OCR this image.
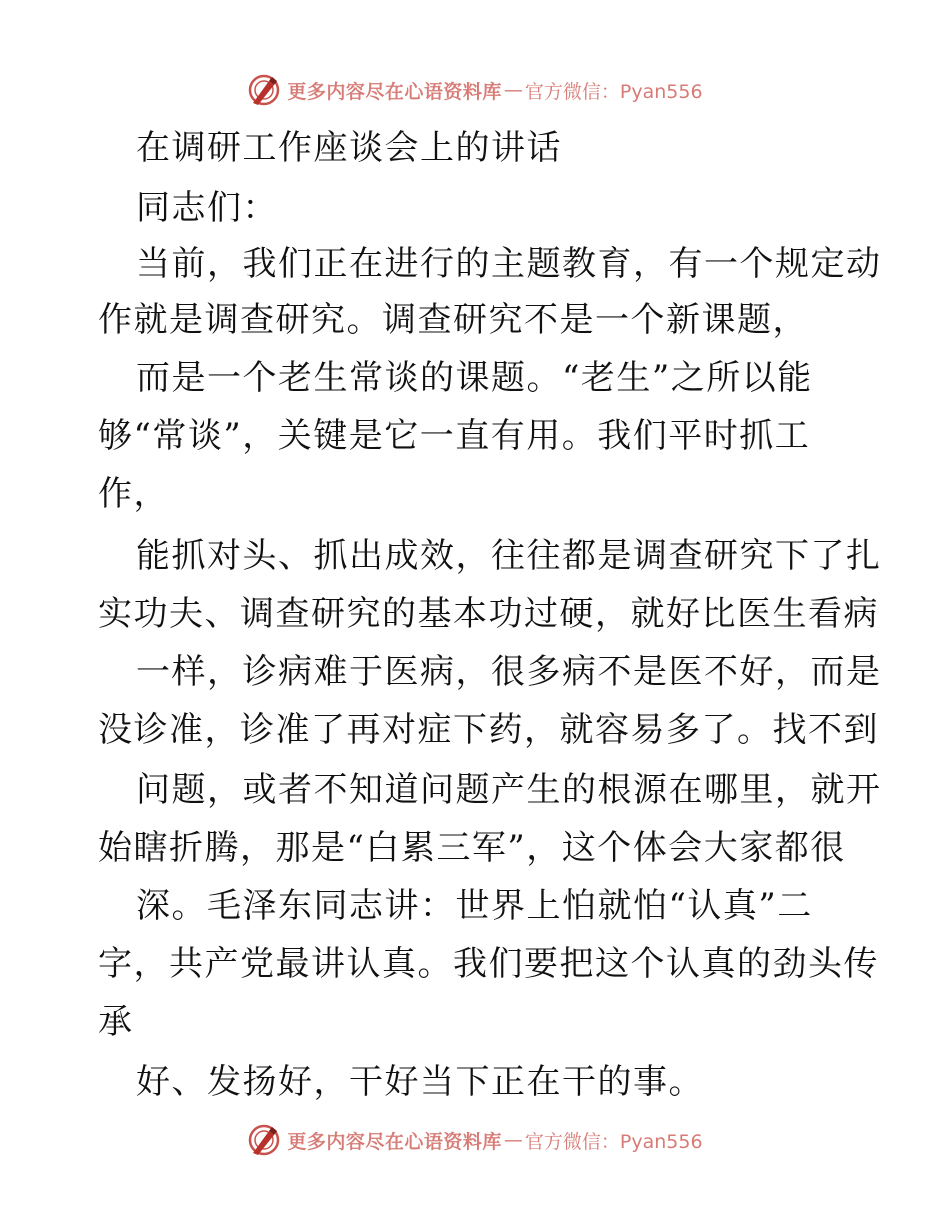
更多内容尽在心语资料库 — 官方微信：Pyan556
在调研工作座谈会上的讲话
同志们：
当前，我们正在进行的主题教育，有一个规定动
作就是调查研究。调查研究不是一个新课题，
而是一个老生常谈的课题。“老生”之所以能
够“常谈”，关键是它一直有用。我们平时抓工
作，
能抓对头、抓出成效，往往都是调查研究下了扎
实功夫、调查研究的基本功过硬，就好比医生看病
一样，诊病难于医病，很多病不是医不好，而是
没诊准，诊准了再对症下药，就容易多了。找不到
问题，或者不知道问题产生的根源在哪里，就开
始瞎折腾，那是“白累三军”，这个体会大家都很
深。毛泽东同志讲：世界上怕就怕“认真”二
字，共产党最讲认真。我们要把这个认真的劲头传
承
好、发扬好，干好当下正在干的事。
更多内容尽在心语资料库 — 官方微信：Pyan556
